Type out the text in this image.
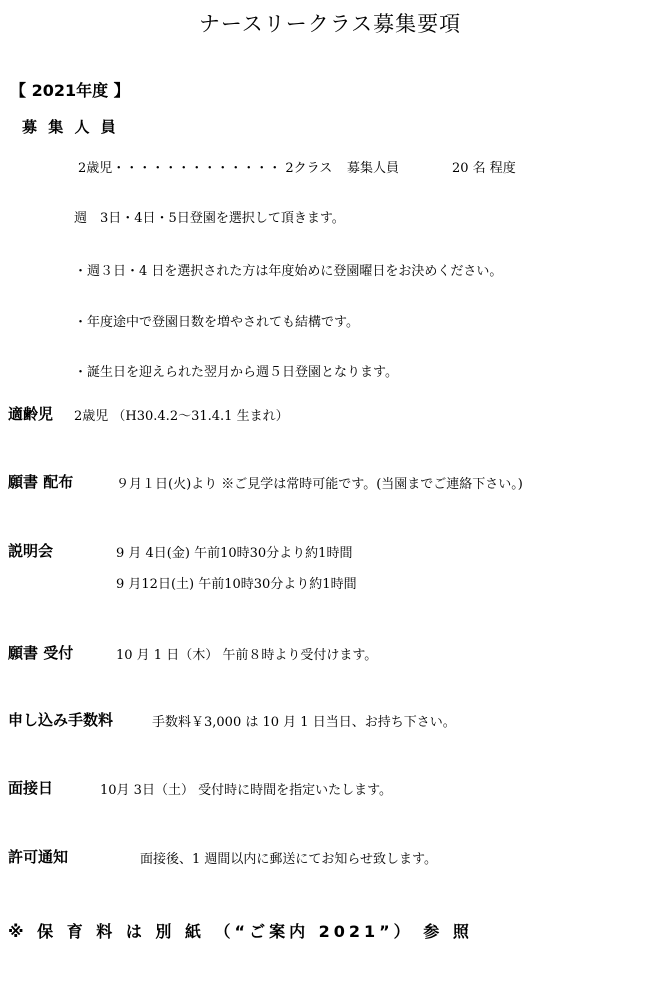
ナースリークラス募集要項
【 2021年度 】
募 集 人 員
2歳児・・・・・・・・・・・・・ 2クラス 募集人員	20 名 程度
週　3日・4日・5日登園を選択して頂きます。
・週３日・4 日を選択された方は年度始めに登園曜日をお決めください。
・年度途中で登園日数を増やされても結構です。
・誕生日を迎えられた翌月から週５日登園となります。
適齢児 2歳児 （H30.4.2～31.4.1 生まれ）
願書 配布	９月１日(火)より ※ご見学は常時可能です。(当園までご連絡下さい。)
説明会	9 月 4日(金) 午前10時30分より約1時間
9 月12日(土) 午前10時30分より約1時間
願書 受付	10 月 1 日（木） 午前８時より受付けます。
申し込み手数料	手数料￥3,000 は 10 月 1 日当日、お持ち下さい。
面接日	10月 3日（土） 受付時に時間を指定いたします。
許可通知	面接後、1 週間以内に郵送にてお知らせ致します。
※ 保 育 料 は 別 紙 （“ご案内 2021”） 参 照
